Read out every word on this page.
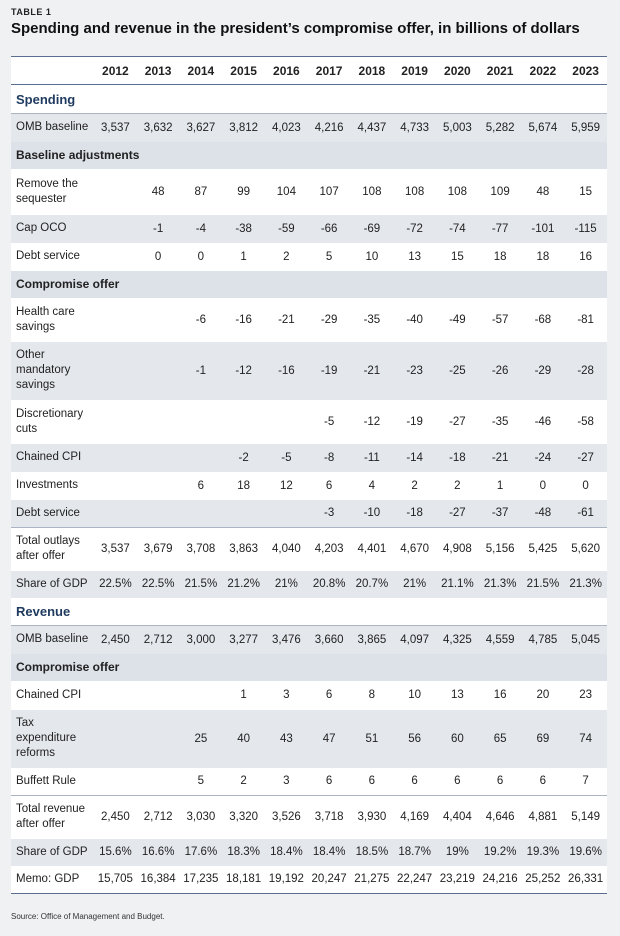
TABLE 1
Spending and revenue in the president’s compromise offer, in billions of dollars
	2012	2013	2014	2015	2016	2017	2018	2019	2020	2021	2022	2023
Spending												
OMB baseline	3,537	3,632	3,627	3,812	4,023	4,216	4,437	4,733	5,003	5,282	5,674	5,959
Baseline adjustments												

Remove the sequester		48	87	99	104	107	108	108	108	109	48	15
Cap OCO		-1	-4	-38	-59	-66	-69	-72	-74	-77	-101	-115
Debt service		0	0	1	2	5	10	13	15	18	18	16
Compromise offer												

Health care savings			-6	-16	-21	-29	-35	-40	-49	-57	-68	-81

Other mandatory savings			-1	-12	-16	-19	-21	-23	-25	-26	-29	-28

Discretionary cuts						-5	-12	-19	-27	-35	-46	-58
Chained CPI				-2	-5	-8	-11	-14	-18	-21	-24	-27
Investments			6	18	12	6	4	2	2	1	0	0
Debt service						-3	-10	-18	-27	-37	-48	-61

Total outlays after offer	3,537	3,679	3,708	3,863	4,040	4,203	4,401	4,670	4,908	5,156	5,425	5,620
Share of GDP	22.5%	22.5%	21.5%	21.2%	21%	20.8%	20.7%	21%	21.1%	21.3%	21.5%	21.3%
Revenue												
OMB baseline	2,450	2,712	3,000	3,277	3,476	3,660	3,865	4,097	4,325	4,559	4,785	5,045
Compromise offer												
Chained CPI				1	3	6	8	10	13	16	20	23

Tax expenditure reforms			25	40	43	47	51	56	60	65	69	74
Buffett Rule			5	2	3	6	6	6	6	6	6	7

Total revenue after offer	2,450	2,712	3,030	3,320	3,526	3,718	3,930	4,169	4,404	4,646	4,881	5,149
Share of GDP	15.6%	16.6%	17.6%	18.3%	18.4%	18.4%	18.5%	18.7%	19%	19.2%	19.3%	19.6%
Memo: GDP	15,705	16,384	17,235	18,181	19,192	20,247	21,275	22,247	23,219	24,216	25,252	26,331
Source: Office of Management and Budget.
